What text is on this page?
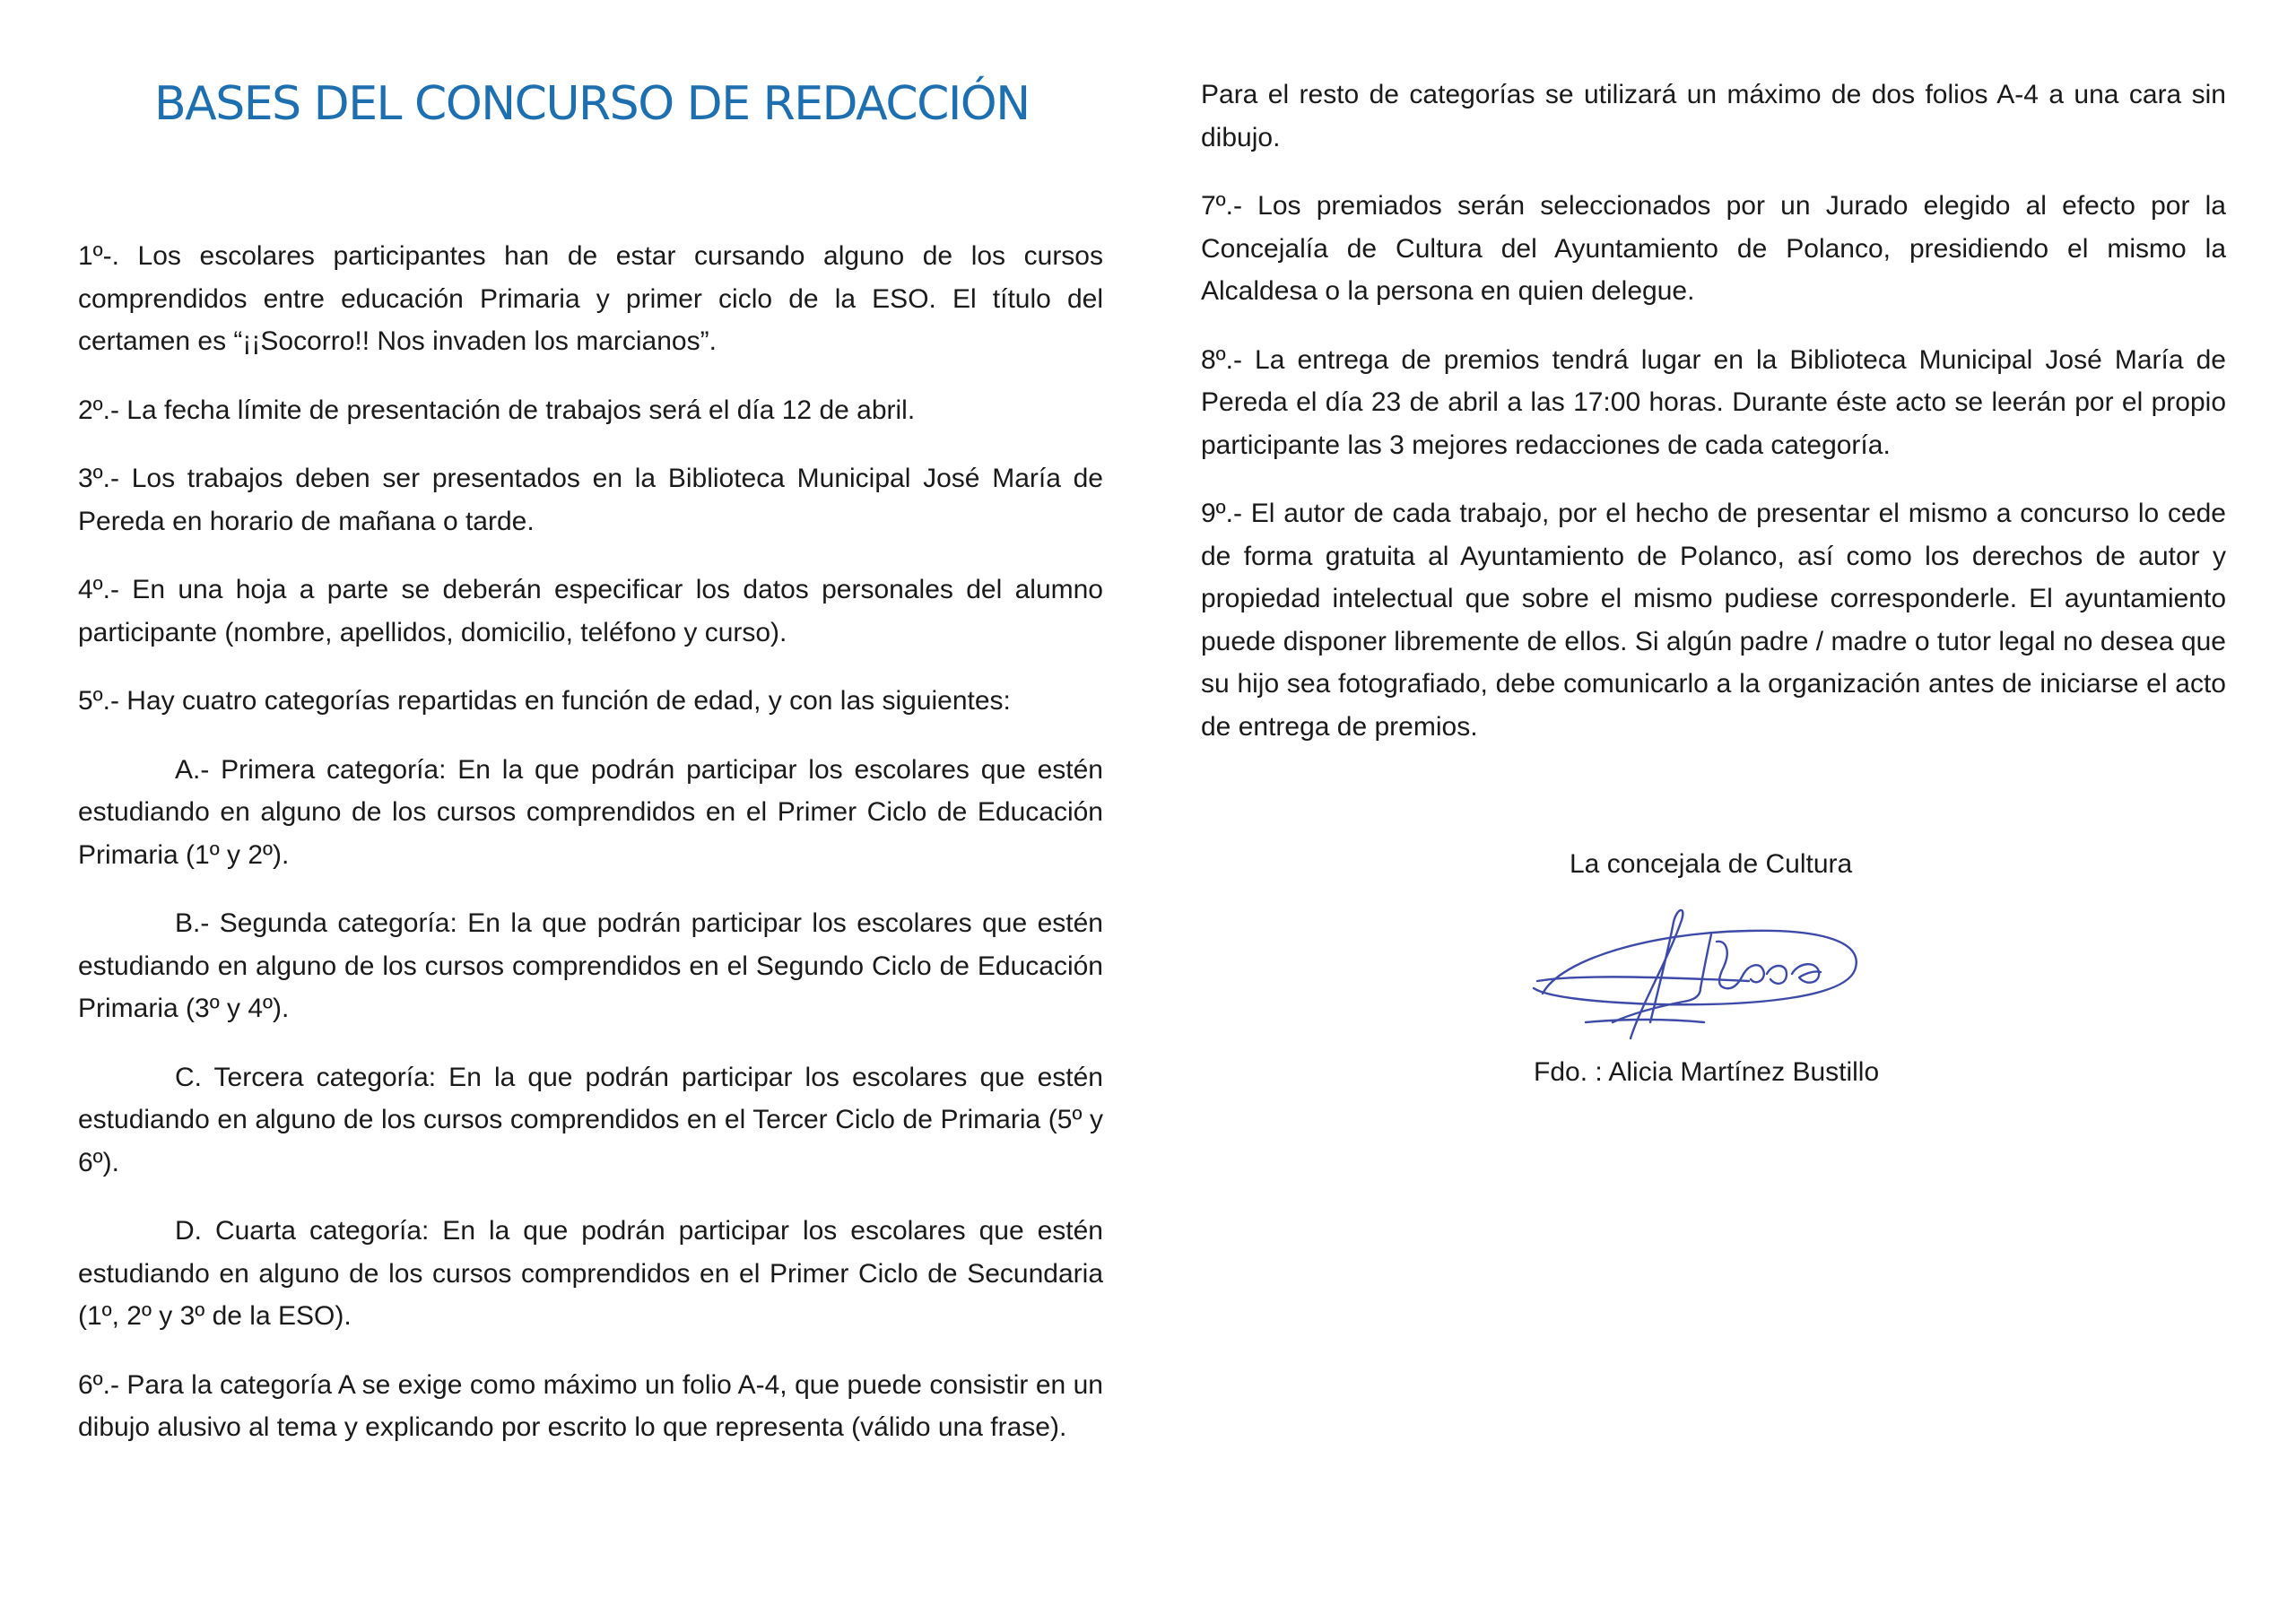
BASES DEL CONCURSO DE REDACCIÓN

1º-. Los escolares participantes han de estar cursando alguno de los cursos comprendidos entre educación Primaria y primer ciclo de la ESO. El título del certamen es “¡¡Socorro!! Nos invaden los marcianos”.

2º.- La fecha límite de presentación de trabajos será el día 12 de abril.

3º.- Los trabajos deben ser presentados en la Biblioteca Municipal José María de Pereda en horario de mañana o tarde.

4º.- En una hoja a parte se deberán especificar los datos personales del alumno participante (nombre, apellidos, domicilio, teléfono y curso).

5º.- Hay cuatro categorías repartidas en función de edad, y con las siguientes:

A.- Primera categoría: En la que podrán participar los escolares que estén estudiando en alguno de los cursos comprendidos en el Primer Ciclo de Educación Primaria (1º y 2º).

B.- Segunda categoría: En la que podrán participar los escolares que estén estudiando en alguno de los cursos comprendidos en el Segundo Ciclo de Educación Primaria (3º y 4º).

C. Tercera categoría: En la que podrán participar los escolares que estén estudiando en alguno de los cursos comprendidos en el Tercer Ciclo de Primaria (5º y 6º).

D. Cuarta categoría: En la que podrán participar los escolares que estén estudiando en alguno de los cursos comprendidos en el Primer Ciclo de Secundaria (1º, 2º y 3º de la ESO).

6º.- Para la categoría A se exige como máximo un folio A-4, que puede consistir en un dibujo alusivo al tema y explicando por escrito lo que representa (válido una frase).

Para el resto de categorías se utilizará un máximo de dos folios A-4 a una cara sin dibujo.

7º.- Los premiados serán seleccionados por un Jurado elegido al efecto por la Concejalía de Cultura del Ayuntamiento de Polanco, presidiendo el mismo la Alcaldesa o la persona en quien delegue.

8º.- La entrega de premios tendrá lugar en la Biblioteca Municipal José María de Pereda el día 23 de abril a las 17:00 horas. Durante éste acto se leerán por el propio participante las 3 mejores redacciones de cada categoría.

9º.- El autor de cada trabajo, por el hecho de presentar el mismo a concurso lo cede de forma gratuita al Ayuntamiento de Polanco, así como los derechos de autor y propiedad intelectual que sobre el mismo pudiese corresponderle. El ayuntamiento puede disponer libremente de ellos. Si algún padre / madre o tutor legal no desea que su hijo sea fotografiado, debe comunicarlo a la organización antes de iniciarse el acto de entrega de premios.

La concejala de Cultura
Fdo. : Alicia Martínez Bustillo
